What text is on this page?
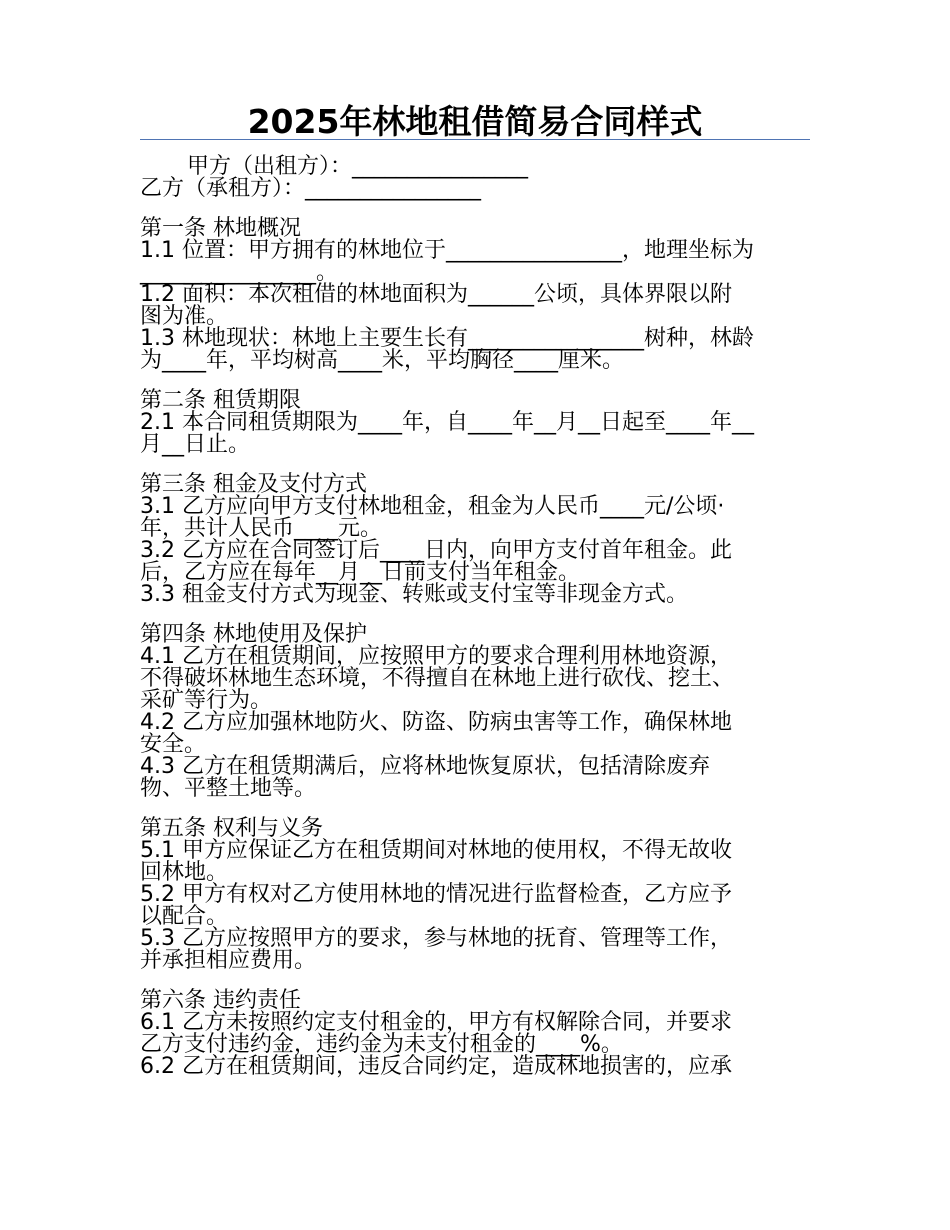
2025年林地租借简易合同样式
甲方（出租方）：________________
乙方（承租方）：________________
第一条 林地概况
1.1 位置：甲方拥有的林地位于________________，地理坐标为
________________。
1.2 面积：本次租借的林地面积为______公顷，具体界限以附
图为准。
1.3 林地现状：林地上主要生长有________________树种，林龄
为____年，平均树高____米，平均胸径____厘米。
第二条 租赁期限
2.1 本合同租赁期限为____年，自____年__月__日起至____年__
月__日止。
第三条 租金及支付方式
3.1 乙方应向甲方支付林地租金，租金为人民币____元/公顷·
年，共计人民币____元。
3.2 乙方应在合同签订后____日内，向甲方支付首年租金。此
后，乙方应在每年__月__日前支付当年租金。
3.3 租金支付方式为现金、转账或支付宝等非现金方式。
第四条 林地使用及保护
4.1 乙方在租赁期间，应按照甲方的要求合理利用林地资源，
不得破坏林地生态环境，不得擅自在林地上进行砍伐、挖土、
采矿等行为。
4.2 乙方应加强林地防火、防盗、防病虫害等工作，确保林地
安全。
4.3 乙方在租赁期满后，应将林地恢复原状，包括清除废弃
物、平整土地等。
第五条 权利与义务
5.1 甲方应保证乙方在租赁期间对林地的使用权，不得无故收
回林地。
5.2 甲方有权对乙方使用林地的情况进行监督检查，乙方应予
以配合。
5.3 乙方应按照甲方的要求，参与林地的抚育、管理等工作，
并承担相应费用。
第六条 违约责任
6.1 乙方未按照约定支付租金的，甲方有权解除合同，并要求
乙方支付违约金，违约金为未支付租金的____%。
6.2 乙方在租赁期间，违反合同约定，造成林地损害的，应承
